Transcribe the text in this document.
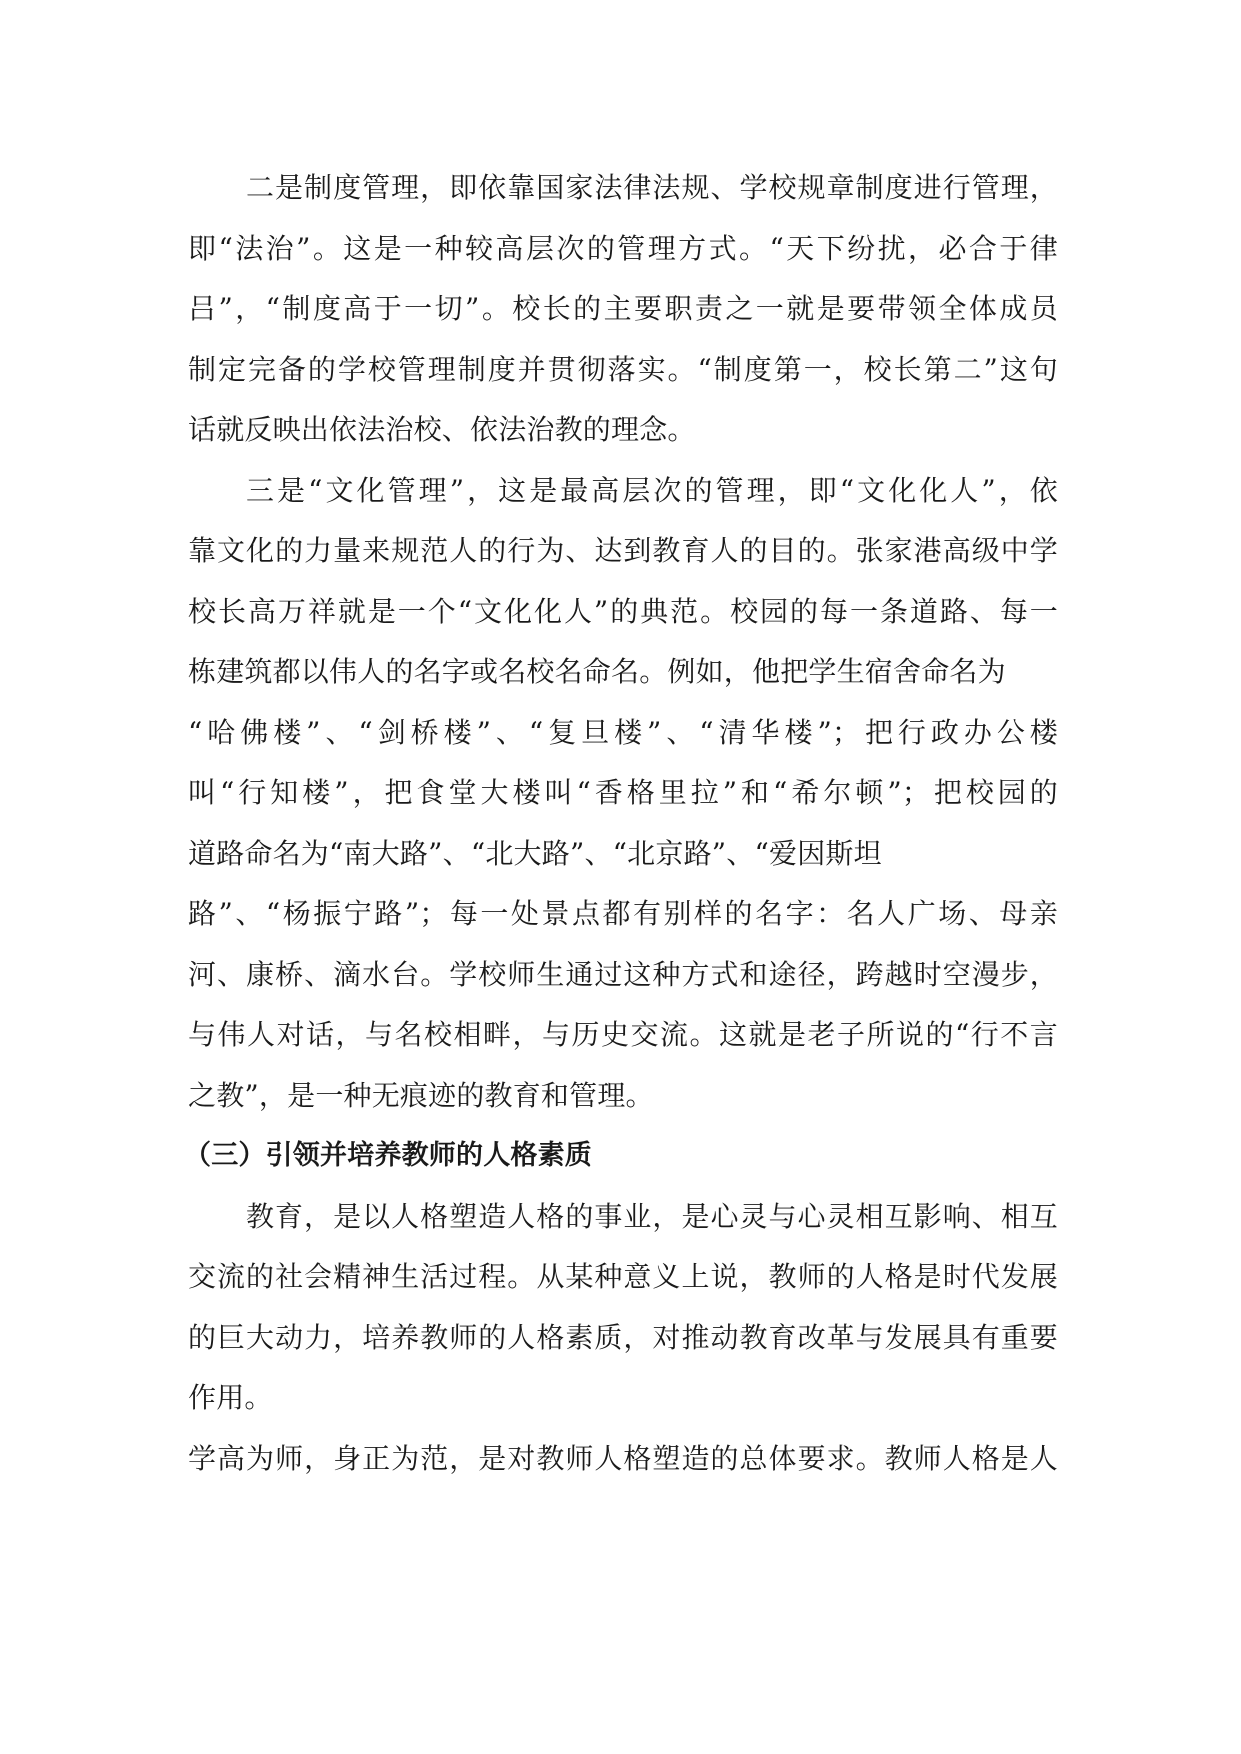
二是制度管理，即依靠国家法律法规、学校规章制度进行管理，
即“法治”。这是一种较高层次的管理方式。“天下纷扰，必合于律
吕”，“制度高于一切”。校长的主要职责之一就是要带领全体成员
制定完备的学校管理制度并贯彻落实。“制度第一，校长第二”这句
话就反映出依法治校、依法治教的理念。
三是“文化管理”，这是最高层次的管理，即“文化化人”，依
靠文化的力量来规范人的行为、达到教育人的目的。张家港高级中学
校长高万祥就是一个“文化化人”的典范。校园的每一条道路、每一
栋建筑都以伟人的名字或名校名命名。例如，他把学生宿舍命名为
“哈佛楼”、“剑桥楼”、“复旦楼”、“清华楼”；把行政办公楼
叫“行知楼”，把食堂大楼叫“香格里拉”和“希尔顿”；把校园的
道路命名为“南大路”、“北大路”、“北京路”、“爱因斯坦
路”、“杨振宁路”；每一处景点都有别样的名字：名人广场、母亲
河、康桥、滴水台。学校师生通过这种方式和途径，跨越时空漫步，
与伟人对话，与名校相畔，与历史交流。这就是老子所说的“行不言
之教”，是一种无痕迹的教育和管理。
（三）引领并培养教师的人格素质
教育，是以人格塑造人格的事业，是心灵与心灵相互影响、相互
交流的社会精神生活过程。从某种意义上说，教师的人格是时代发展
的巨大动力，培养教师的人格素质，对推动教育改革与发展具有重要
作用。
学高为师，身正为范，是对教师人格塑造的总体要求。教师人格是人
